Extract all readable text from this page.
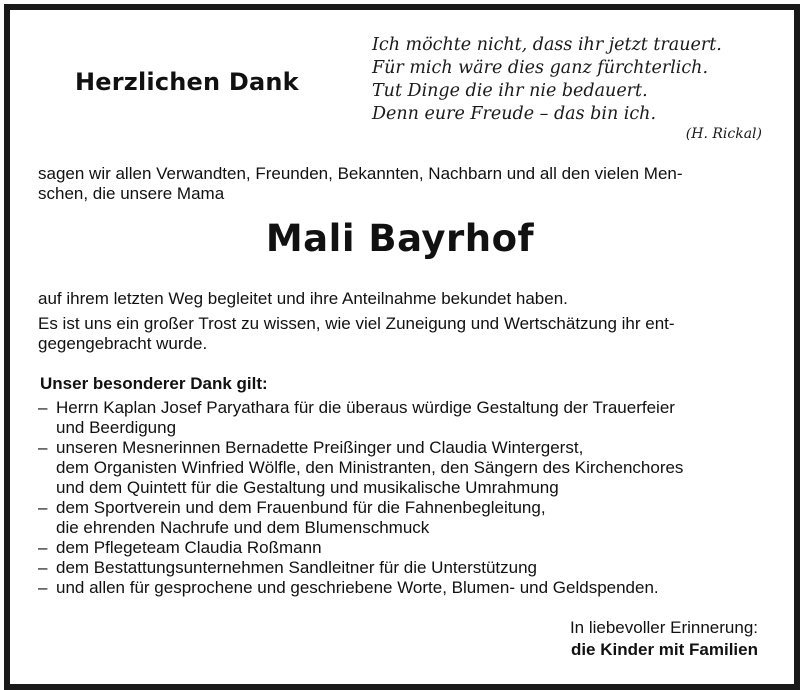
Herzlichen Dank
Ich möchte nicht, dass ihr jetzt trauert.
Für mich wäre dies ganz fürchterlich.
Tut Dinge die ihr nie bedauert.
Denn eure Freude – das bin ich.
(H. Rickal)
sagen wir allen Verwandten, Freunden, Bekannten, Nachbarn und all den vielen Men-
schen, die unsere Mama
Mali Bayrhof
auf ihrem letzten Weg begleitet und ihre Anteilnahme bekundet haben.
Es ist uns ein großer Trost zu wissen, wie viel Zuneigung und Wertschätzung ihr ent-
gegengebracht wurde.
Unser besonderer Dank gilt:
– Herrn Kaplan Josef Paryathara für die überaus würdige Gestaltung der Trauerfeier
und Beerdigung
– unseren Mesnerinnen Bernadette Preißinger und Claudia Wintergerst,
dem Organisten Winfried Wölfle, den Ministranten, den Sängern des Kirchenchores
und dem Quintett für die Gestaltung und musikalische Umrahmung
– dem Sportverein und dem Frauenbund für die Fahnenbegleitung,
die ehrenden Nachrufe und dem Blumenschmuck
– dem Pflegeteam Claudia Roßmann
– dem Bestattungsunternehmen Sandleitner für die Unterstützung
– und allen für gesprochene und geschriebene Worte, Blumen- und Geldspenden.
In liebevoller Erinnerung:
die Kinder mit Familien
